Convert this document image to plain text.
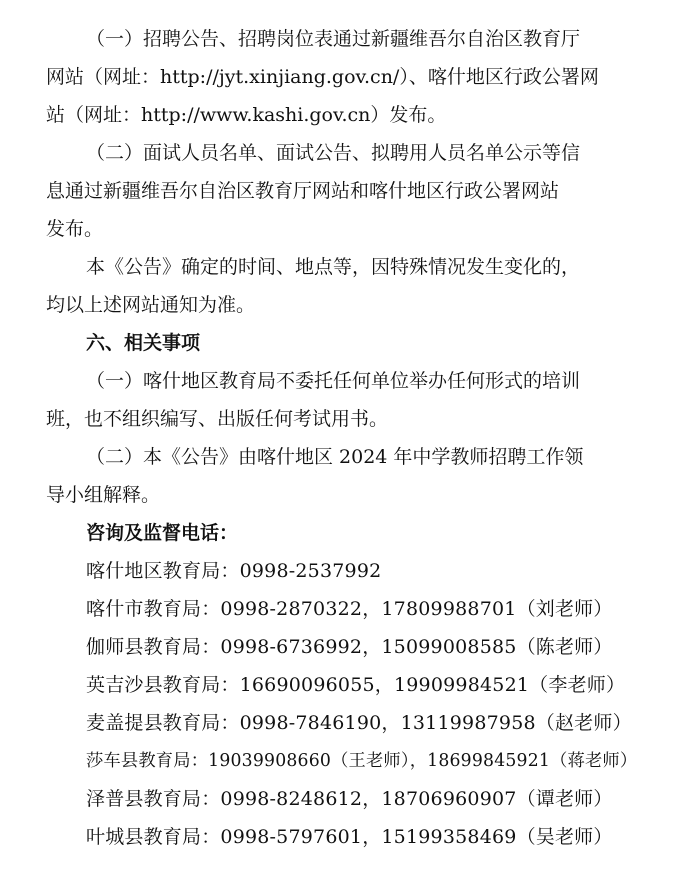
（一）招聘公告、招聘岗位表通过新疆维吾尔自治区教育厅
网站（网址：http://jyt.xinjiang.gov.cn/）、喀什地区行政公署网
站（网址：http://www.kashi.gov.cn）发布。
（二）面试人员名单、面试公告、拟聘用人员名单公示等信
息通过新疆维吾尔自治区教育厅网站和喀什地区行政公署网站
发布。
本《公告》确定的时间、地点等，因特殊情况发生变化的，
均以上述网站通知为准。
六、相关事项
（一）喀什地区教育局不委托任何单位举办任何形式的培训
班，也不组织编写、出版任何考试用书。
（二）本《公告》由喀什地区 2024 年中学教师招聘工作领
导小组解释。
咨询及监督电话：
喀什地区教育局：0998-2537992
喀什市教育局：0998-2870322，17809988701（刘老师）
伽师县教育局：0998-6736992，15099008585（陈老师）
英吉沙县教育局：16690096055，19909984521（李老师）
麦盖提县教育局：0998-7846190，13119987958（赵老师）
莎车县教育局：19039908660（王老师），18699845921（蒋老师）
泽普县教育局：0998-8248612，18706960907（谭老师）
叶城县教育局：0998-5797601，15199358469（吴老师）
